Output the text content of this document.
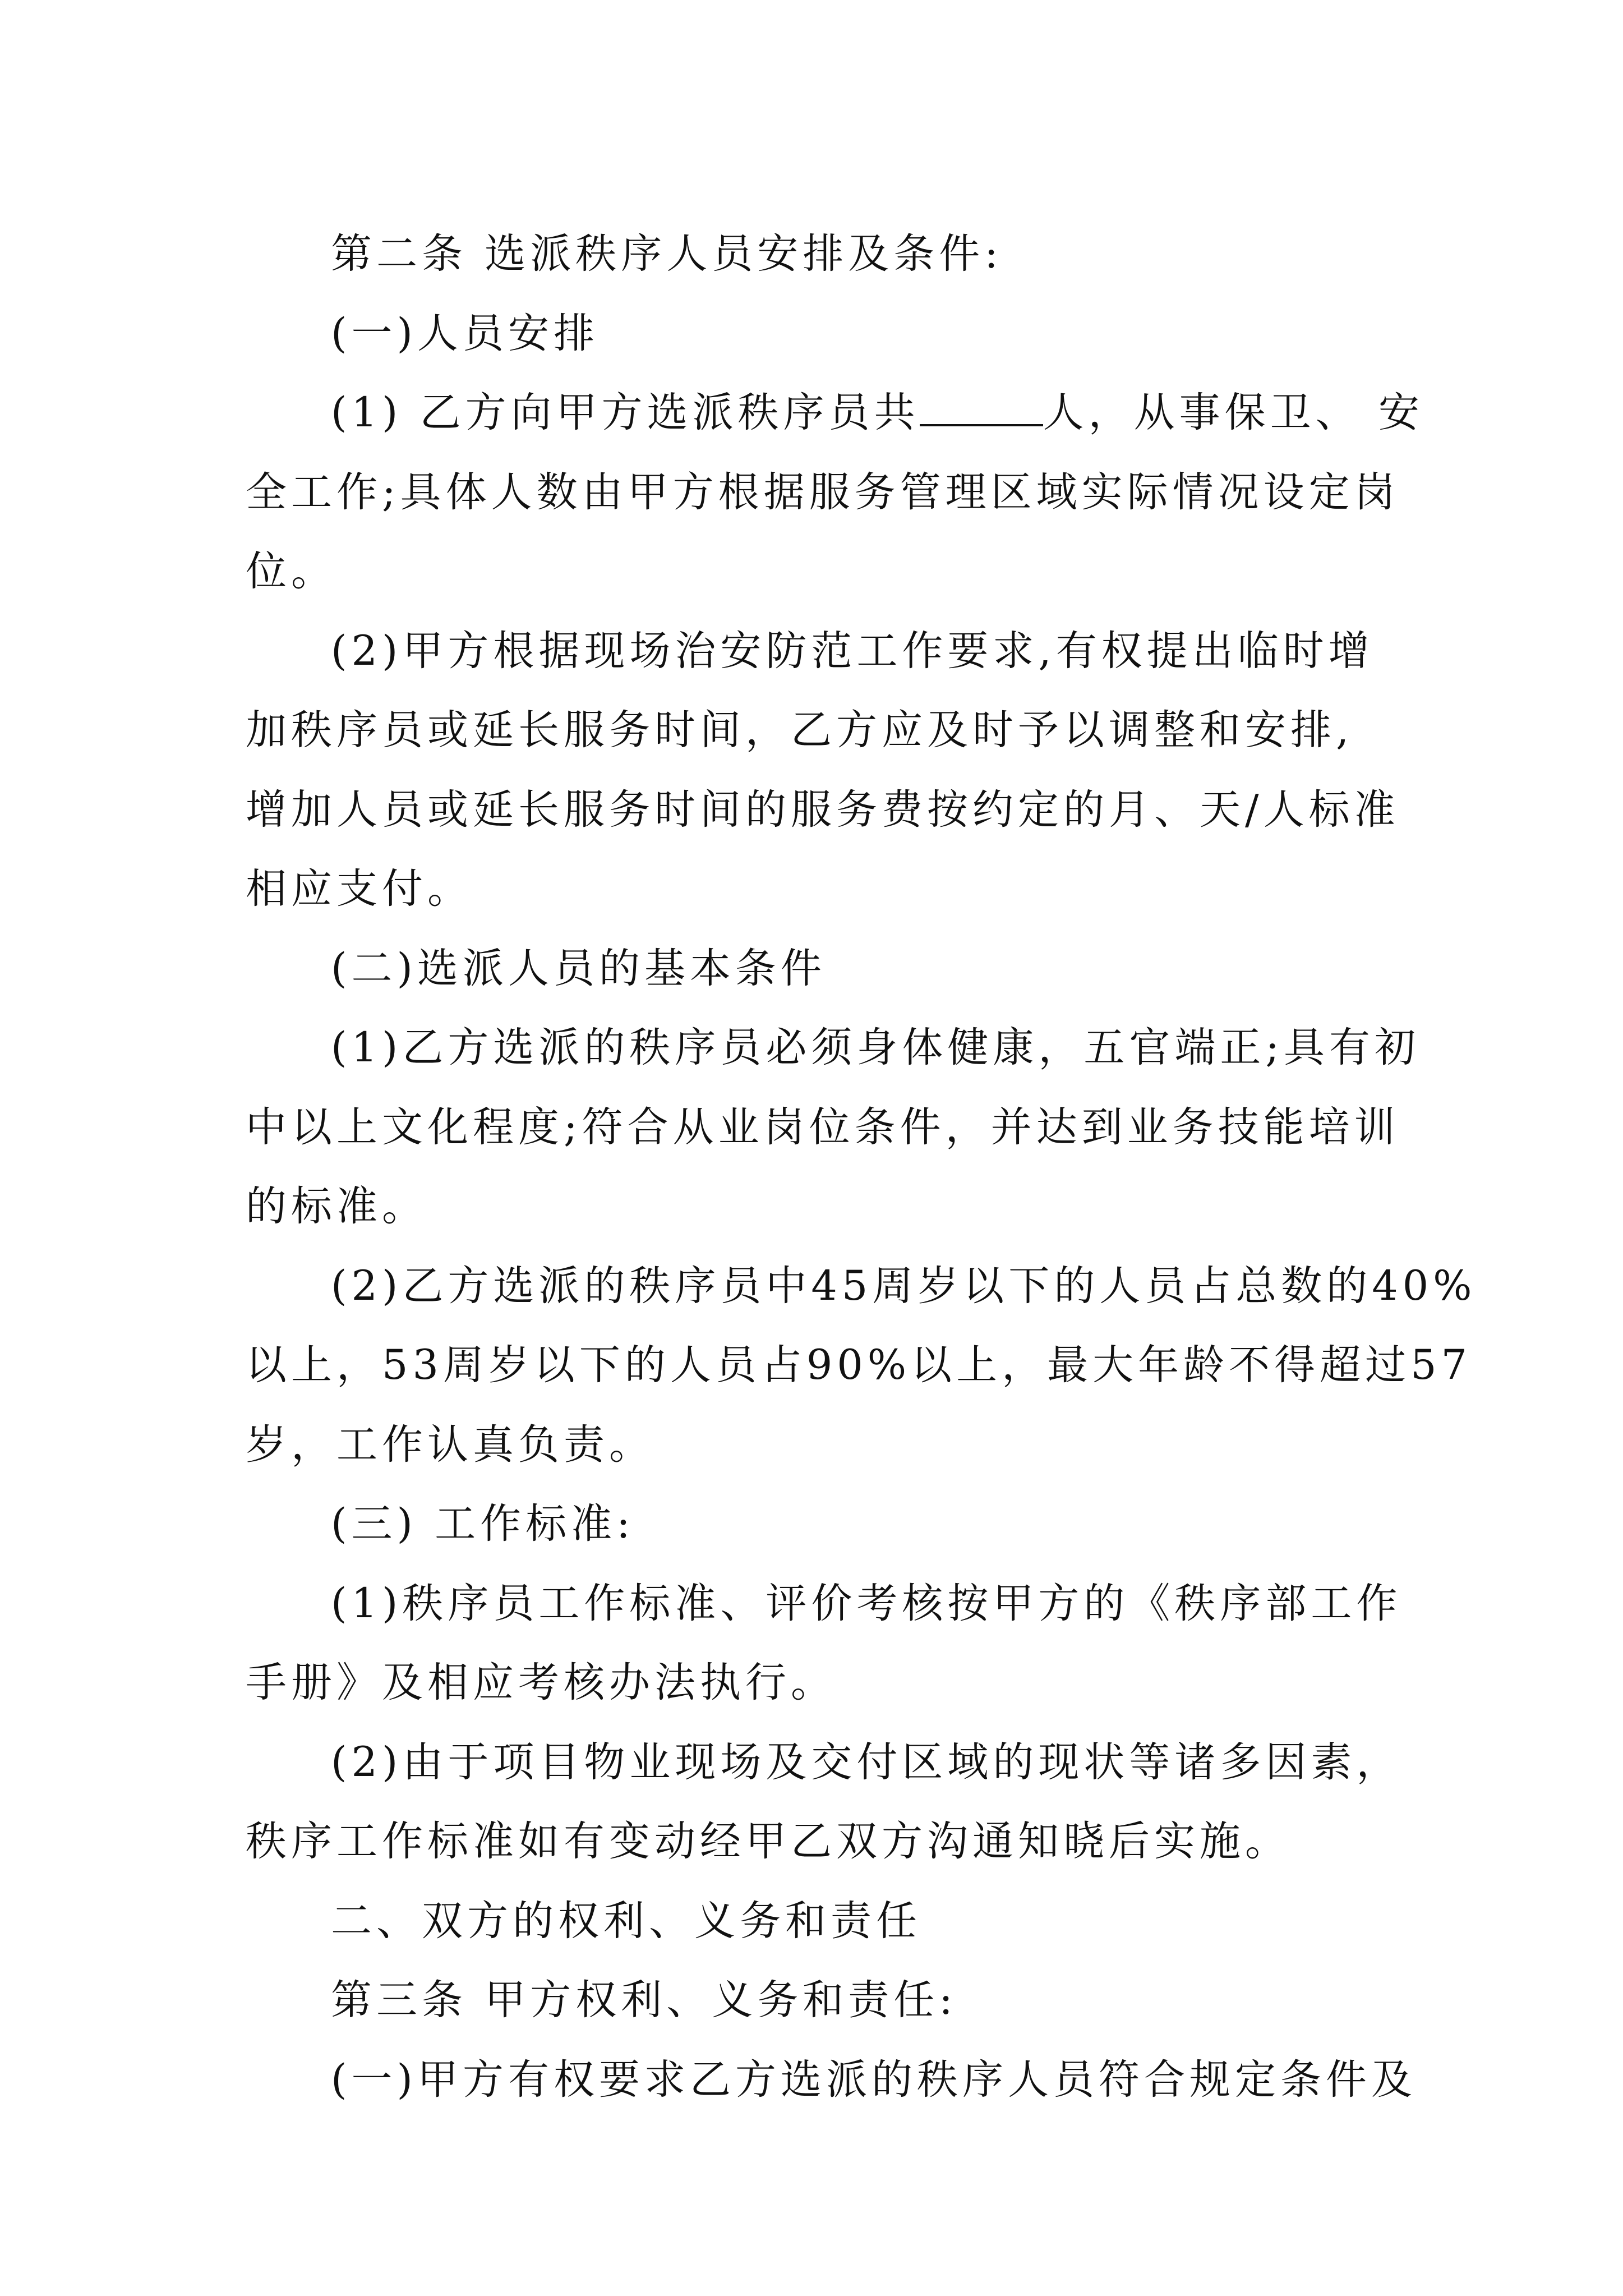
第二条 选派秩序人员安排及条件:
(一)人员安排
(1) 乙方向甲方选派秩序员共	人，从事保卫、 安
全工作;具体人数由甲方根据服务管理区域实际情况设定岗
位。
(2)甲方根据现场治安防范工作要求,有权提出临时增
加秩序员或延长服务时间，乙方应及时予以调整和安排,
增加人员或延长服务时间的服务费按约定的月、天/人标准
相应支付。
(二)选派人员的基本条件
(1)乙方选派的秩序员必须身体健康，五官端正;具有初
中以上文化程度;符合从业岗位条件，并达到业务技能培训
的标准。
(2)乙方选派的秩序员中45周岁以下的人员占总数的40%
以上，53周岁以下的人员占90%以上，最大年龄不得超过57
岁，工作认真负责。
(三) 工作标准:
(1)秩序员工作标准、评价考核按甲方的《秩序部工作
手册》及相应考核办法执行。
(2)由于项目物业现场及交付区域的现状等诸多因素，
秩序工作标准如有变动经甲乙双方沟通知晓后实施。
二、双方的权利、义务和责任
第三条 甲方权利、义务和责任:
(一)甲方有权要求乙方选派的秩序人员符合规定条件及
